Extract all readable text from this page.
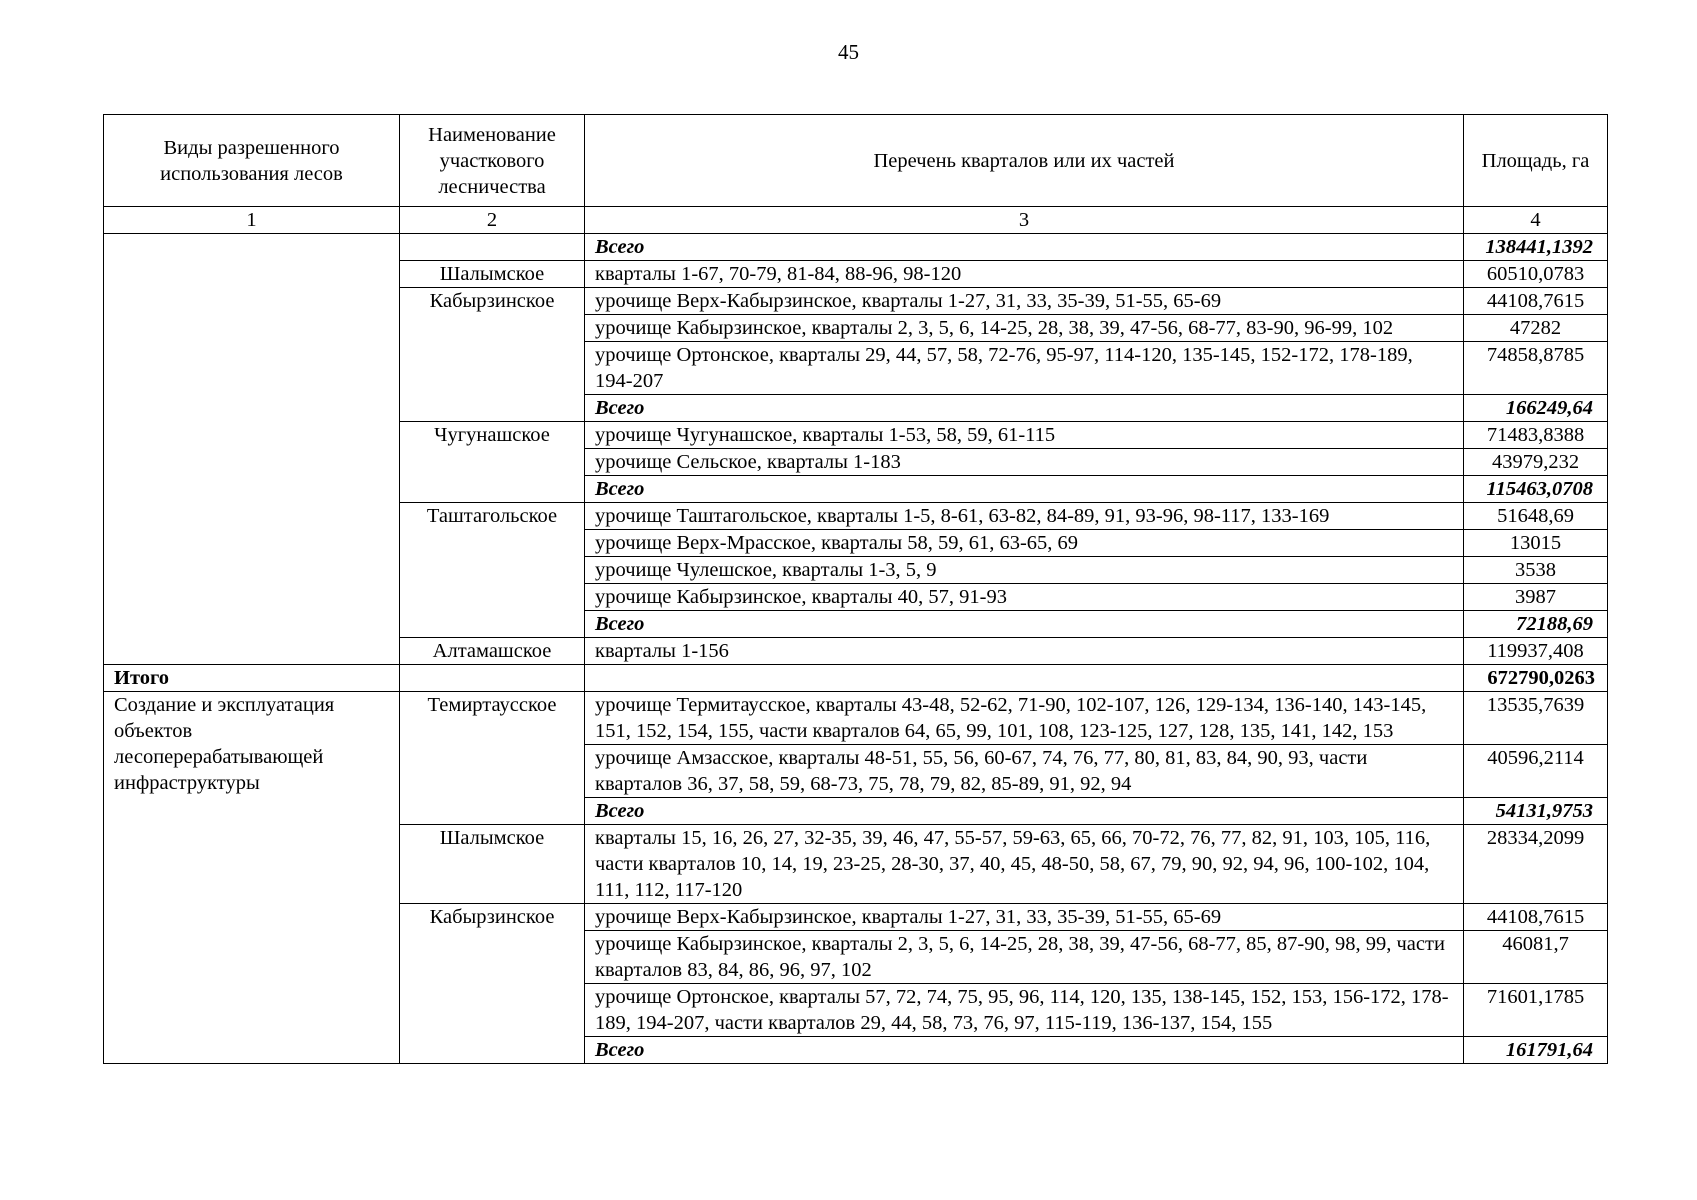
45
Виды разрешенного использования лесов	Наименование участкового лесничества	Перечень кварталов или их частей	Площадь, га
1	2	3	4
		Всего	138441,1392
	Шалымское	кварталы 1-67, 70-79, 81-84, 88-96, 98-120	60510,0783
	Кабырзинское	урочище Верх-Кабырзинское, кварталы 1-27, 31, 33, 35-39, 51-55, 65-69	44108,7615
		урочище Кабырзинское, кварталы 2, 3, 5, 6, 14-25, 28, 38, 39, 47-56, 68-77, 83-90, 96-99, 102	47282
		урочище Ортонское, кварталы 29, 44, 57, 58, 72-76, 95-97, 114-120, 135-145, 152-172, 178-189, 194-207	74858,8785
		Всего	166249,64
	Чугунашское	урочище Чугунашское, кварталы 1-53, 58, 59, 61-115	71483,8388
		урочище Сельское, кварталы 1-183	43979,232
		Всего	115463,0708
	Таштагольское	урочище Таштагольское, кварталы 1-5, 8-61, 63-82, 84-89, 91, 93-96, 98-117, 133-169	51648,69
		урочище Верх-Мрасское, кварталы 58, 59, 61, 63-65, 69	13015
		урочище Чулешское, кварталы 1-3, 5, 9	3538
		урочище Кабырзинское, кварталы 40, 57, 91-93	3987
		Всего	72188,69
	Алтамашское	кварталы 1-156	119937,408
Итого			672790,0263
Создание и эксплуатация объектов лесоперерабатывающей инфраструктуры	Темиртаусское	урочище Термитаусское, кварталы 43-48, 52-62, 71-90, 102-107, 126, 129-134, 136-140, 143-145, 151, 152, 154, 155, части кварталов 64, 65, 99, 101, 108, 123-125, 127, 128, 135, 141, 142, 153	13535,7639
		урочище Амзасское, кварталы 48-51, 55, 56, 60-67, 74, 76, 77, 80, 81, 83, 84, 90, 93, части кварталов 36, 37, 58, 59, 68-73, 75, 78, 79, 82, 85-89, 91, 92, 94	40596,2114
		Всего	54131,9753
	Шалымское	кварталы 15, 16, 26, 27, 32-35, 39, 46, 47, 55-57, 59-63, 65, 66, 70-72, 76, 77, 82, 91, 103, 105, 116, части кварталов 10, 14, 19, 23-25, 28-30, 37, 40, 45, 48-50, 58, 67, 79, 90, 92, 94, 96, 100-102, 104, 111, 112, 117-120	28334,2099
	Кабырзинское	урочище Верх-Кабырзинское, кварталы 1-27, 31, 33, 35-39, 51-55, 65-69	44108,7615
		урочище Кабырзинское, кварталы 2, 3, 5, 6, 14-25, 28, 38, 39, 47-56, 68-77, 85, 87-90, 98, 99, части кварталов 83, 84, 86, 96, 97, 102	46081,7
		урочище Ортонское, кварталы 57, 72, 74, 75, 95, 96, 114, 120, 135, 138-145, 152, 153, 156-172, 178-189, 194-207, части кварталов 29, 44, 58, 73, 76, 97, 115-119, 136-137, 154, 155	71601,1785
		Всего	161791,64
